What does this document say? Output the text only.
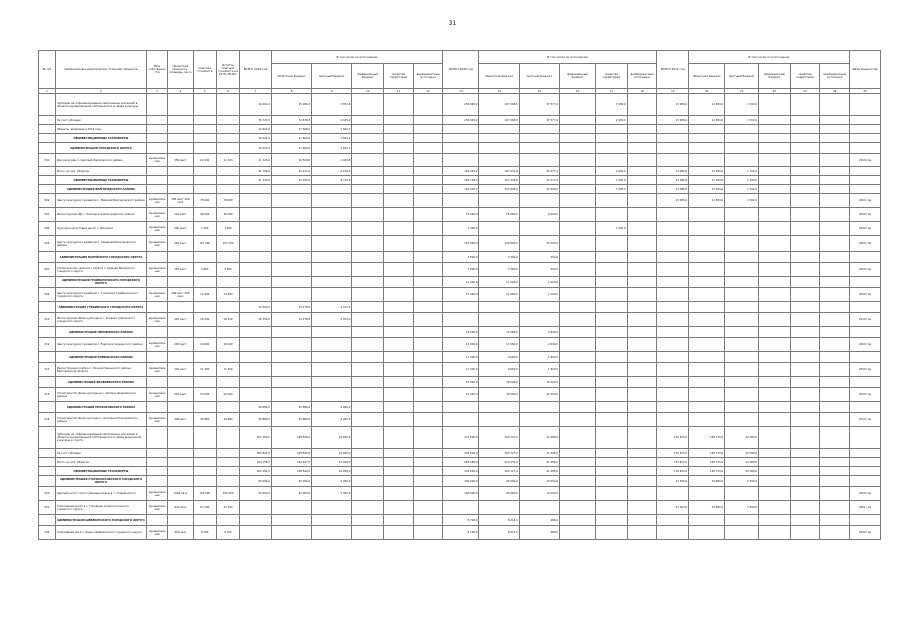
31
№ п/п	Наименование мероприятия, отраслей, объектов	Вид собственности	Проектная мощность, площадь, кв. м	Сметная стоимость	Остаток сметной стоимости на 01.01.2018г.	ВСЕГО 2019 год	В том числе по источникам:					ВСЕГО 2020 год	В том числе по источникам:					ВСЕГО 2021 год	В том числе по источникам:					Ввод мощностей
							областной бюджет	местный бюджет	федеральный бюджет	средства территорий	внебюджетные источники		областной бюджет	местный бюджет	федеральный бюджет	средства территорий	внебюджетные источники		областной бюджет	местный бюджет	федеральный бюджет	средства территорий	внебюджетные источники	
1	2	3	4	5	6	7	8	9	10	11	12	13	14	15	16	17	18	19	20	21	22	23	24	25
	Субсидии на софинансирование капитальных вложений в объекты муниципальной собственности в сфере культуры					44 291,0	45 006,3	3 872,6				238 405,2	197 568,8	37 577,4		7 405,0		13 086,0	11 384,0	1 702,0				
	За счет субсидии					35 723,5	72 678,3	4 045,2				238 405,2	197 568,8	37 577,4		2 405,0		13 086,0	11 384,0	1 702,0				
	Объекты, вводимые в 2019 году					19 422,9	17 600,0	1 822,2																
	НЕИНВЕСТИЦИОННЫЕ ТРАНСФЕРТЫ					19 422,9	17 600,0	1 822,2																
	АДМИНИСТРАЦИЯ ГОРОДСКОГО ОКРУГА					19 422,9	17 600,0	1 822,2																
541	Дом культуры п. Светлый Борисовского района	муниципальная	350 мест	22 440	11 323	11 323,0	10 500,0	1 025,8																2019 год
	Всего, из них: Объекты					41 700,6	30 217,0	6 100,6				195 445,2	167 631,8	25 477,4		2 405,0		13 086,0	11 384,0	1 702,0				
	НЕИНВЕСТИЦИОННЫЕ ТРАНСФЕРТЫ					41 330,6	33 285,0	8 719,8				239 759,2	197 434,8	37 577,4		7 405,0		13 086,0	11 384,0	1 702,0				
	АДМИНИСТРАЦИЯ БЕЛГОРОДСКОГО РАЙОНА											191 405,2	155 800,0	32 499,2		7 405,0		13 086,0	11 384,0	1 702,0				
502	Центр культурного развития с. Майский Белгородского района	муниципальная	300 мест 400 кв.м	78 000	78 000													13 086,0	11 384,0	1 702,0				2021 год
503	Реконструкция ДК с. Никольское Белгородского района	муниципальная	120 мест	36 000	36 000							31 000,0	25 000,0	6 000,0										2020 год
504	Культурно-досуговый центр с. Разумное	муниципальная	200 мест	7 400	7 400							7 400,0				7 405,0								2020 год
505	Центр культурного развития п. Северный Белгородского района	муниципальная	250 мест	157 000	157 000							151 005,0	130 800,0	20 205,0										2020 год
	АДМИНИСТРАЦИЯ ВАЛУЙСКОГО ГОРОДСКОГО ОКРУГА											3 800,0	3 300,0	500,0										
507	Строительство сельского клуба в с. Уразово Валуйского городского округа	муниципальная	150 мест	3 800	3 800							3 800,0	3 300,0	500,0										2020 год
	АДМИНИСТРАЦИЯ ГРАЙВОРОНСКОГО ГОРОДСКОГО ОКРУГА											12 400,0	11 400,0	1 000,0										
509	Центр культурного развития с. Головчино Грайворонского городского округа	муниципальная	200 мест 450 кв.м	12 400	12 400							12 400,0	11 400,0	1 000,0										2020 год
	АДМИНИСТРАЦИЯ ГУБКИНСКОГО ГОРОДСКОГО ОКРУГА					16 350,0	14 278,0	2 072,0																
510	Реконструкция Дома культуры в с. Уколово Губкинского городского округа	муниципальная	150 мест	16 350	16 350	16 350,0	14 278,0	2 072,0																2019 год
	АДМИНИСТРАЦИЯ ЧЕРНЯНСКОГО РАЙОНА											16 000,0	13 360,0	2 640,0										
512	Центр культурного развития с. Ездочное Чернянского района	муниципальная	200 мест	16 000	16 000							16 000,0	13 360,0	2 640,0										2020 год
	АДМИНИСТРАЦИЯ РОВЕНЬСКОГО РАЙОНА											11 400,0	9 600,0	1 800,0										
513	Реконструкция клуба в с. Лозное Ровеньского района Белгородской области	муниципальная	120 мест	11 400	11 400							11 400,0	9 600,0	1 800,0										2020 год
	АДМИНИСТРАЦИЯ ЯКОВЛЕВСКОГО РАЙОНА											52 000,0	39 600,0	12 400,0										
515	Строительство Дома культуры в с. Шопино Яковлевского района	муниципальная	250 мест	52 000	52 000							52 000,0	39 600,0	12 400,0										2020 год
	АДМИНИСТРАЦИЯ ПРОХОРОВСКОГО РАЙОНА					49 880,0	45 880,0	4 000,0																
516	Строительство Дома культуры с. Холодное Прохоровского района	муниципальная	300 мест	49 880	49 880	49 880,0	45 880,0	4 000,0																2019 год
	Субсидии на софинансирование капитальных вложений в объекты муниципальной собственности в сфере физической культуры и спорта					262 182,5	238 849,0	24 000,0				374 600,0	305 127,0	21 486,0				170 813,0	148 733,0	22 080,0				
	За счет субсидии					262 822,0	238 849,0	24 000,0				334 600,0	305 127,0	21 486,0				170 813,0	148 733,0	22 080,0				
	Всего, из них: Объекты					199 156,0	184 447,0	21 000,0				250 580,0	219 376,0	21 486,0				170 813,0	148 733,0	22 080,0				
	НЕИНВЕСТИЦИОННЫЕ ТРАНСФЕРТЫ					262 182,0	238 849,0	24 000,0				334 600,0	305 127,0	21 486,0				170 813,0	148 733,0	22 080,0				
	АДМИНИСТРАЦИЯ СТАРООСКОЛЬСКОГО ГОРОДСКОГО ОКРУГА					55 000,0	50 000,0	5 000,0				100 000,0	90 000,0	10 000,0				27 300,0	24 800,0	2 500,0				
520	Крытый каток с искусственным льдом в г. Старый Оскол	муниципальная	1600 кв.м	155 000	155 000	55 000,0	50 000,0	5 000,0				100 000,0	90 000,0	10 000,0										2020 год
521	Спортивный центр в с. Городище Старооскольского городского округа	муниципальная	650 кв.м	27 300	27 300													27 300,0	24 800,0	2 500,0				2021 год
	АДМИНИСТРАЦИЯ ШЕБЕКИНСКОГО ГОРОДСКОГО ОКРУГА											8 700,0	8 214,0	486,0										
522	Спортивный зал в с. Бирюч Шебекинского городского округа	муниципальная	400 кв.м	8 700	8 700							8 700,0	8 214,0	486,0										2020 год
